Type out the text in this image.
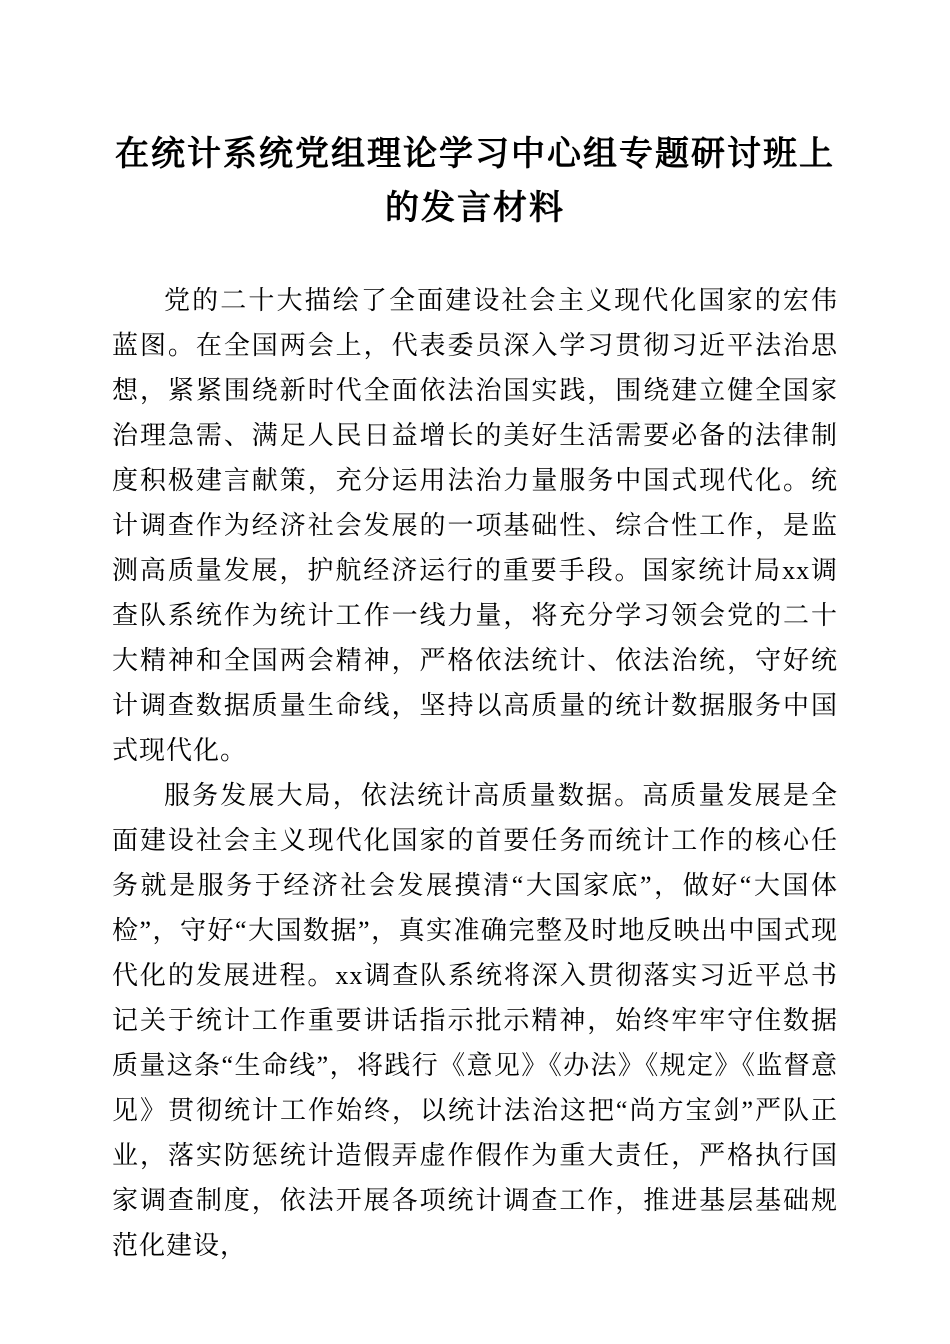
在统计系统党组理论学习中心组专题研讨班上的发言材料

党的二十大描绘了全面建设社会主义现代化国家的宏伟蓝图。在全国两会上，代表委员深入学习贯彻习近平法治思想，紧紧围绕新时代全面依法治国实践，围绕建立健全国家治理急需、满足人民日益增长的美好生活需要必备的法律制度积极建言献策，充分运用法治力量服务中国式现代化。统计调查作为经济社会发展的一项基础性、综合性工作，是监测高质量发展，护航经济运行的重要手段。国家统计局xx调查队系统作为统计工作一线力量，将充分学习领会党的二十大精神和全国两会精神，严格依法统计、依法治统，守好统计调查数据质量生命线，坚持以高质量的统计数据服务中国式现代化。

服务发展大局，依法统计高质量数据。高质量发展是全面建设社会主义现代化国家的首要任务而统计工作的核心任务就是服务于经济社会发展摸清“大国家底”，做好“大国体检”，守好“大国数据”，真实准确完整及时地反映出中国式现代化的发展进程。xx调查队系统将深入贯彻落实习近平总书记关于统计工作重要讲话指示批示精神，始终牢牢守住数据质量这条“生命线”，将践行《意见》《办法》《规定》《监督意见》贯彻统计工作始终，以统计法治这把“尚方宝剑”严队正业，落实防惩统计造假弄虚作假作为重大责任，严格执行国家调查制度，依法开展各项统计调查工作，推进基层基础规范化建设，
